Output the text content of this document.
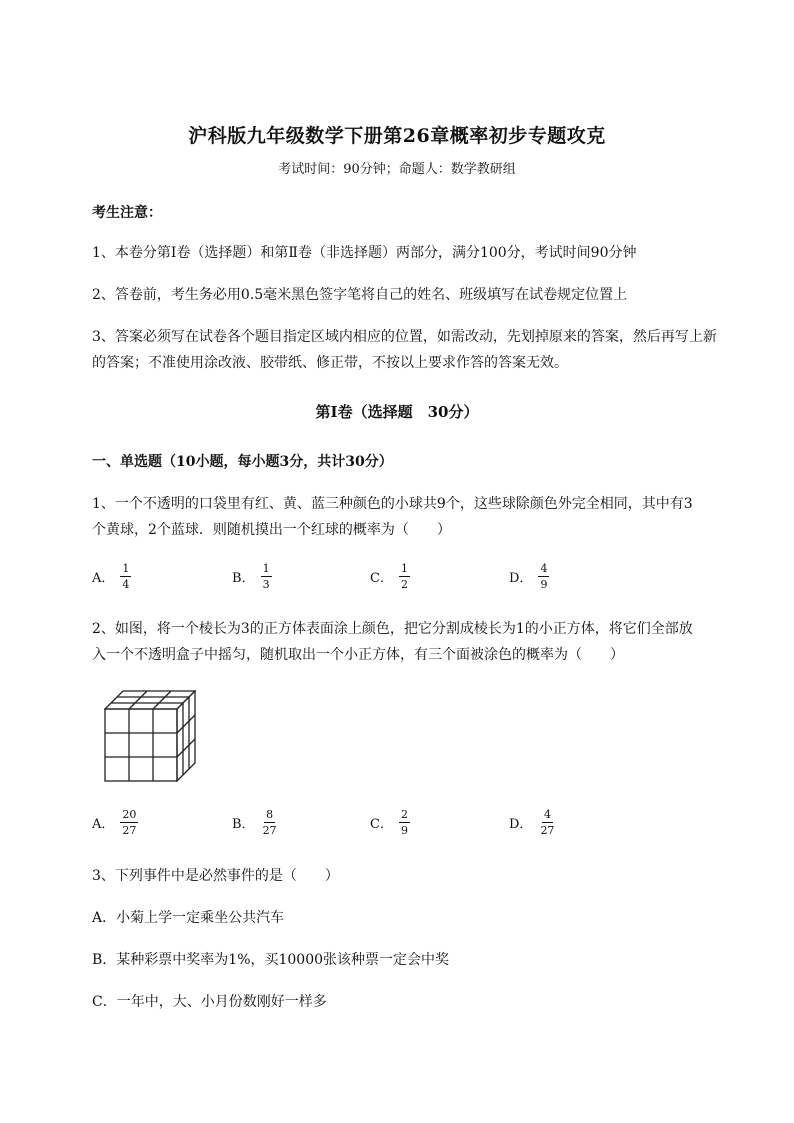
沪科版九年级数学下册第26章概率初步专题攻克
考试时间：90分钟；命题人：数学教研组
考生注意：
1、本卷分第I卷（选择题）和第Ⅱ卷（非选择题）两部分，满分100分，考试时间90分钟
2、答卷前，考生务必用0.5毫米黑色签字笔将自己的姓名、班级填写在试卷规定位置上
3、答案必须写在试卷各个题目指定区域内相应的位置，如需改动，先划掉原来的答案，然后再写上新
的答案；不准使用涂改液、胶带纸、修正带，不按以上要求作答的答案无效。
第I卷（选择题　30分）
一、单选题（10小题，每小题3分，共计30分）
1、一个不透明的口袋里有红、黄、蓝三种颜色的小球共9个，这些球除颜色外完全相同，其中有3
个黄球，2个蓝球．则随机摸出一个红球的概率为（　　）
A． $\frac{1}{4}$	B． $\frac{1}{3}$	C． $\frac{1}{2}$	D． $\frac{4}{9}$
2、如图，将一个棱长为3的正方体表面涂上颜色，把它分割成棱长为1的小正方体，将它们全部放
入一个不透明盒子中摇匀，随机取出一个小正方体，有三个面被涂色的概率为（　　）
A． $\frac{20}{27}$	B． $\frac{8}{27}$	C． $\frac{2}{9}$	D． $\frac{4}{27}$
3、下列事件中是必然事件的是（　　）
A．小菊上学一定乘坐公共汽车
B．某种彩票中奖率为1%，买10000张该种票一定会中奖
C．一年中，大、小月份数刚好一样多
